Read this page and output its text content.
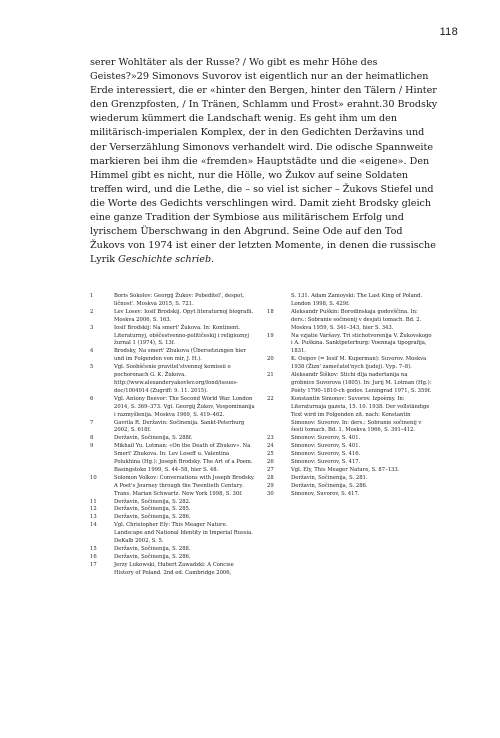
118

serer Wohltäter als der Russe? / Wo gibt es mehr Höhe des Geistes?»29 Simonovs Suvorov ist eigentlich nur an der heimatlichen Erde interessiert, die er «hinter den Bergen, hinter den Tälern / Hinter den Grenzpfosten, / In Tränen, Schlamm und Frost» erahnt.30 Brodsky wiederum kümmert die Landschaft wenig. Es geht ihm um den militärisch-imperialen Komplex, der in den Gedichten Deržavins und der Verserzählung Simonovs verhandelt wird. Die odische Spannweite markieren bei ihm die «fremden» Hauptstädte und die «eigene». Den Himmel gibt es nicht, nur die Hölle, wo Žukov auf seine Soldaten treffen wird, und die Lethe, die – so viel ist sicher – Žukovs Stiefel und die Worte des Gedichts verschlingen wird. Damit zieht Brodsky gleich eine ganze Tradition der Symbiose aus militärischem Erfolg und lyrischem Überschwang in den Abgrund. Seine Ode auf den Tod Žukovs von 1974 ist einer der letzten Momente, in denen die russische Lyrik Geschichte schrieb.

1	Boris Sokolov: Georgij Žukov: Pobeditel', despot, ličnost'. Moskva 2015, S. 721.

2	Lev Losev: Iosif Brodskij. Opyt literaturnoj biografii. Moskva 2006, S. 163.

3	Iosif Brodskij: Na smert' Žukova. In: Kontinent. Literaturnyj, obščestvenno-političeskij i religioznyj žurnal 1 (1974), S. 13f.

4	Brodsky, Na smert' Zhukova (Übersetzungen hier und im Folgenden von mir, J. H.).

5	Vgl. Soobščenie pravitel'stvennoj komissii o pochoronach G. K. Žukova. http://www.alexanderyakovlev.org/fond/issues-doc/1004914 (Zugriff: 9. 11. 2015).

6	Vgl. Antony Beevor: The Second World War. London 2014, S. 369–373. Vgl. Georgij Žukov, Vospominanija i razmyšlenija. Moskva 1969, S. 419–462.

7	Gavrila R. Deržavin: Sočinenija. Sankt-Peterburg 2002, S. 618f.

8	Deržavin, Sočinenija, S. 288f.

9	Mikhail Yu. Lotman: «On the Death of Zhukov». Na Smert' Zhukova. In: Lev Loseff u. Valentina Polukhina (Hg.): Joseph Brodsky. The Art of a Poem. Basingstoke 1999, S. 44–58, hier S. 48.

10	Solomon Volkov: Conversations with Joseph Brodsky. A Poet's Journey through the Twentieth Century. Trans. Marian Schwartz. New York 1998, S. 30f.

11	Deržavin, Sočinenija, S. 282.

12	Deržavin, Sočinenija, S. 285.

13	Deržavin, Sočinenija, S. 286.

14	Vgl. Christopher Ely: This Meager Nature. Landscape and National Identity in Imperial Russia. DeKalb 2002, S. 5.

15	Deržavin, Sočinenija, S. 288.

16	Deržavin, Sočinenija, S. 286.

17	Jerzy Lukowski, Hubert Zawadzki: A Concise History of Poland. 2nd ed. Cambridge 2006,

S. 131. Adam Zamoyski: The Last King of Poland. London 1998, S. 429f.

18	Aleksandr Puškin: Borodinskaja godovščina. In: ders.: Sobranie sočinenij v desjati tomach. Bd. 2. Moskva 1959, S. 341–343, hier S. 343.

19	Na vzjatie Varšavy. Tri stichotvorenija V. Žukovskogo i A. Puškina. Sanktpeterburg: Voennaja tipografija, 1831.

20	K. Osipov (= Iosif M. Kuperman): Suvorov. Moskva 1938 (Žizn' zamečatel'nych ljudej). Vyp. 7–8).

21	Aleksandr Šiškov: Stichi dlja nadertanija na grobnice Suvorova (1805). In: Jurij M. Lotman (Hg.): Poèty 1790–1810-ch godov. Leningrad 1971, S. 359f.

22	Konstantin Simonov: Suvorov. Izpoèmy. In: Literaturnaja gazeta, 15. 10. 1938. Der vollständige Text wird im Folgenden zit. nach: Konstantin Simonov: Suvorov. In: ders.: Sobranie sočinenij v šesti tomach. Bd. 1. Moskva 1966, S. 391–412.

23	Simonov: Suvorov, S. 401.

24	Simonov: Suvorov, S. 401.

25	Simonov: Suvorov, S. 416.

26	Simonov: Suvorov, S. 417.

27	Vgl. Ely, This Meager Nature, S. 87–133.

28	Deržavin, Sočinenija, S. 281.

29	Deržavin, Sočinenija, S. 286.

30	Simonov, Suvorov, S. 417.
